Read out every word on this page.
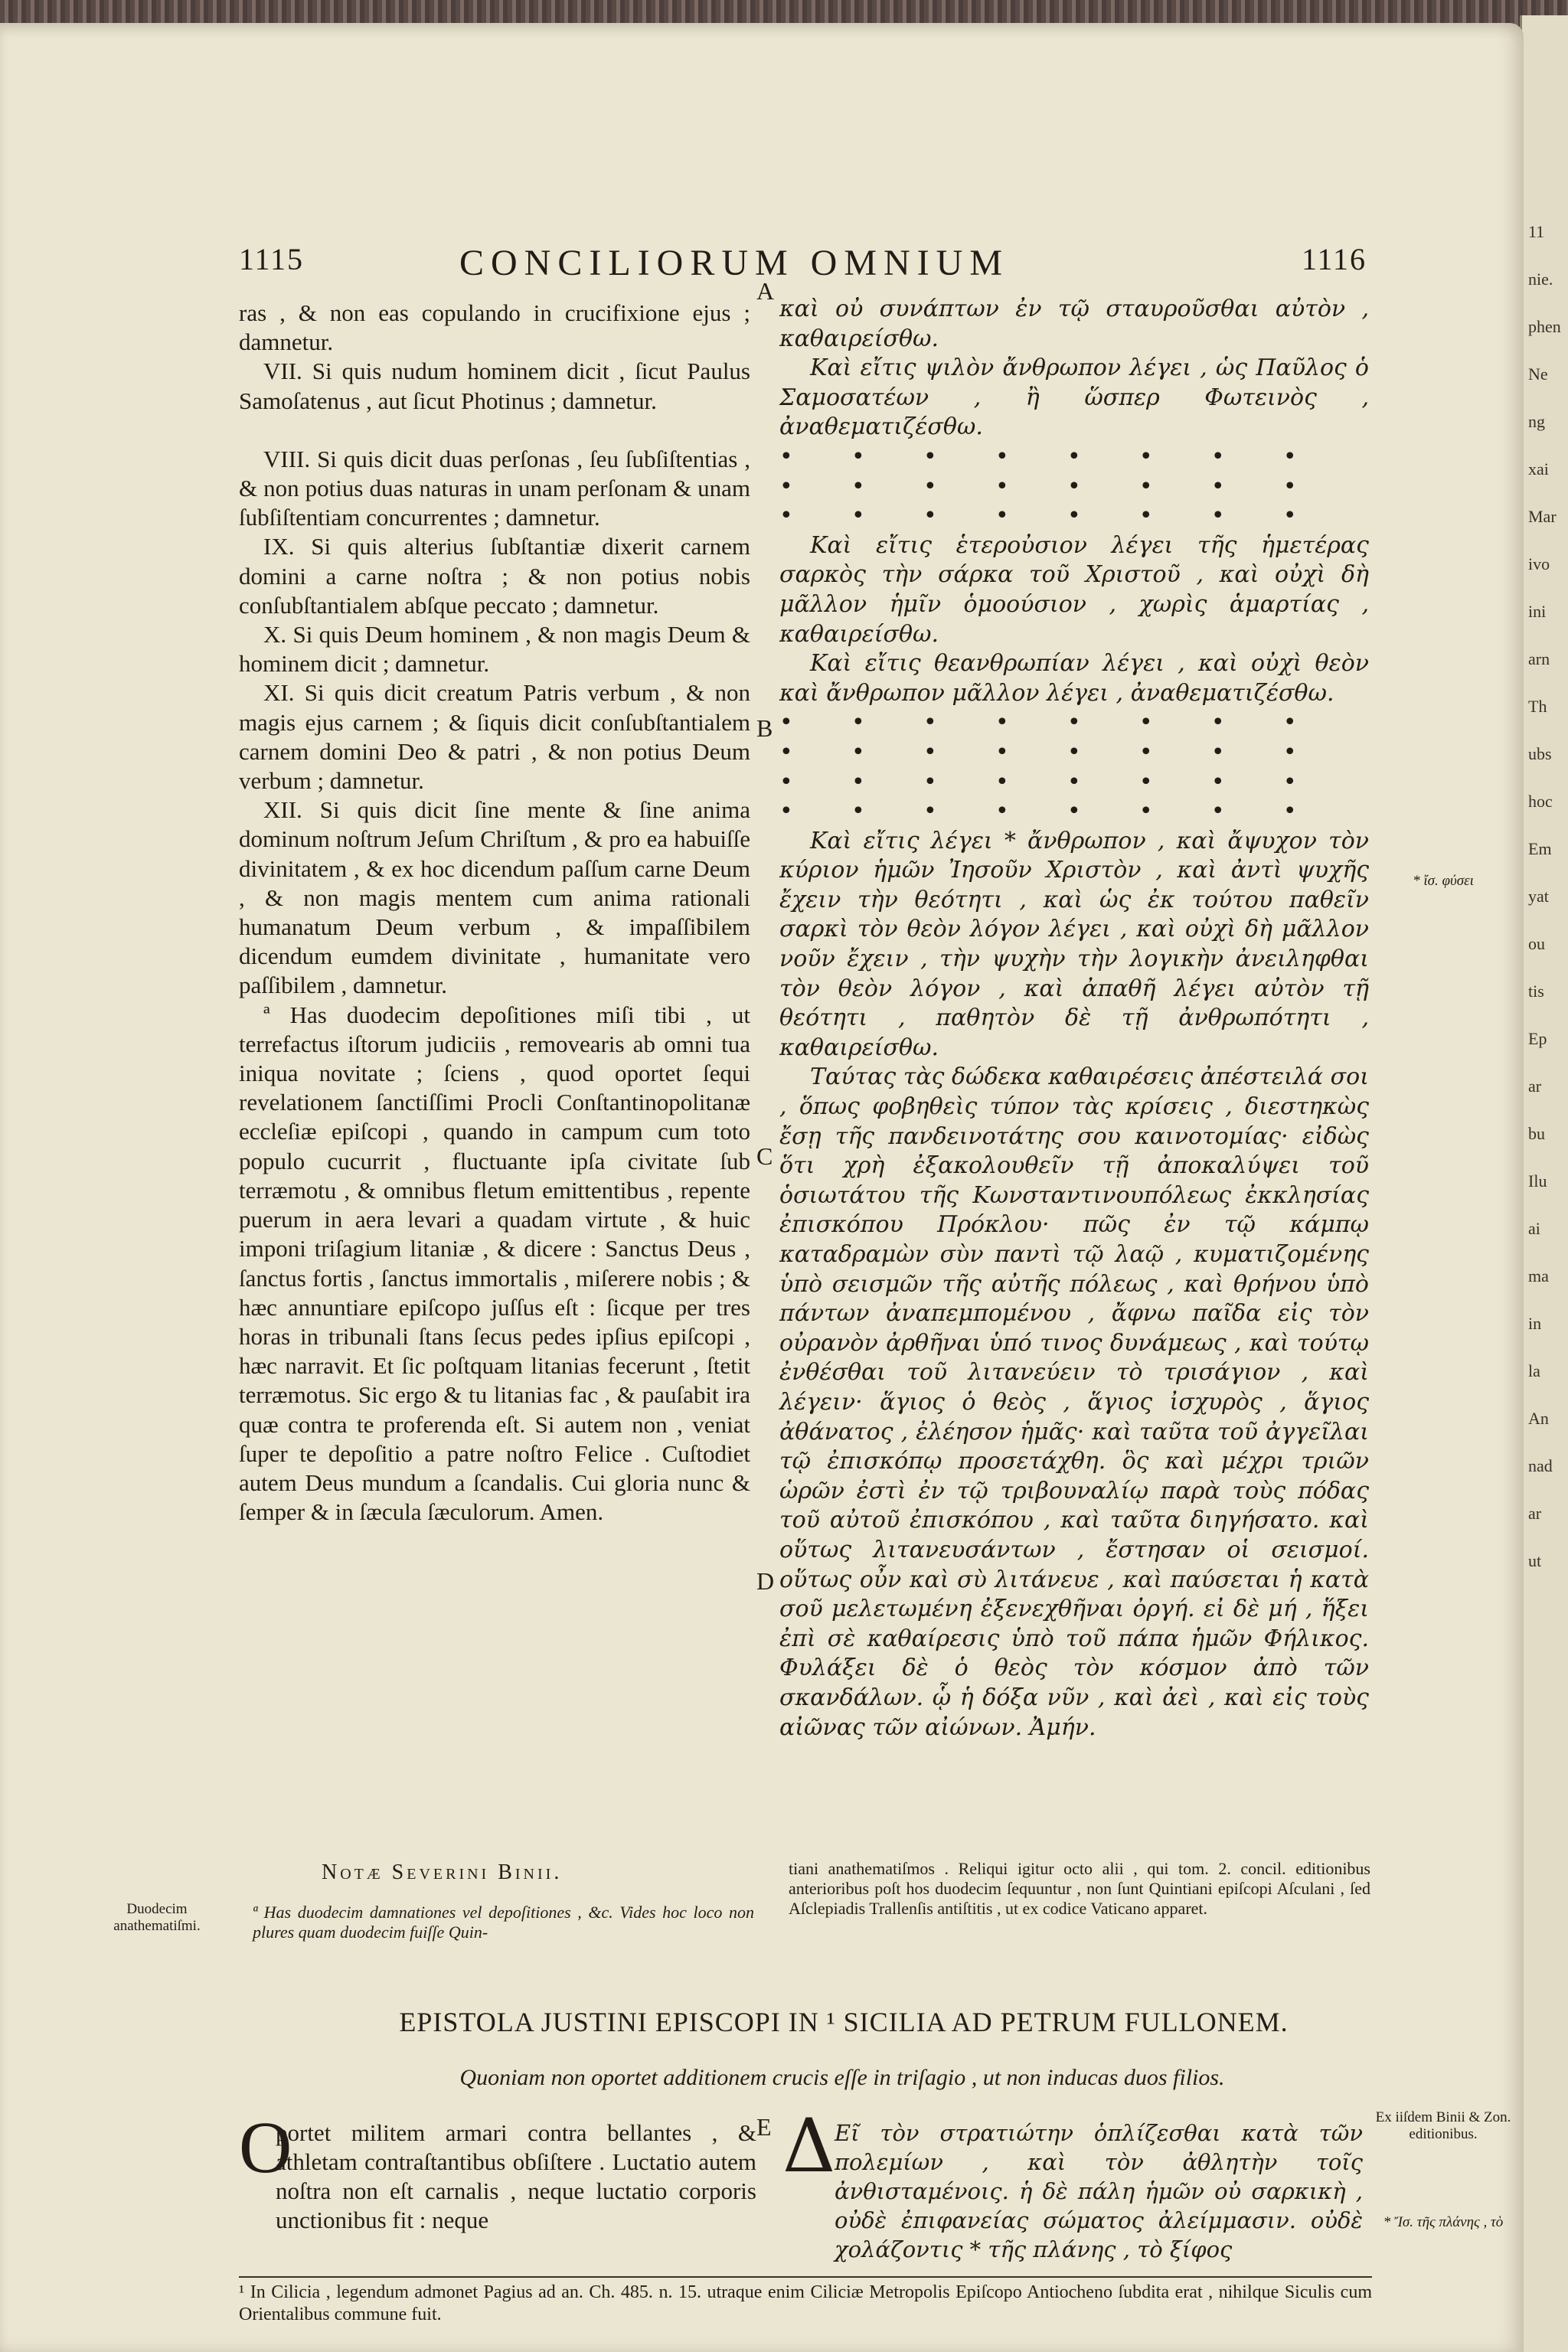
11
nie.
phen
Ne
ng
xai
Mar
ivo
ini
arn
Th
ubs
hoc
Em
yat
ou
tis
Ep
ar
bu
Ilu
ai
ma
in
la
An
nad
ar
ut
1115	CONCILIORUM OMNIUM	1116

ras , & non eas copulando in crucifixione ejus ; damnetur.

VII. Si quis nudum hominem dicit , ſicut Paulus Samoſatenus , aut ſicut Photinus ; damnetur.

VIII. Si quis dicit duas perſonas , ſeu ſubſiſtentias , & non potius duas naturas in unam perſonam & unam ſubſiſtentiam concurrentes ; damnetur.

IX. Si quis alterius ſubſtantiæ dixerit carnem domini a carne noſtra ; & non potius nobis conſubſtantialem abſque peccato ; damnetur.

X. Si quis Deum hominem , & non magis Deum & hominem dicit ; damnetur.

XI. Si quis dicit creatum Patris verbum , & non magis ejus carnem ; & ſiquis dicit conſubſtantialem carnem domini Deo & patri , & non potius Deum verbum ; damnetur.

XII. Si quis dicit ſine mente & ſine anima dominum noſtrum Jeſum Chriſtum , & pro ea habuiſſe divinitatem , & ex hoc dicendum paſſum carne Deum , & non magis mentem cum anima rationali humanatum Deum verbum , & impaſſibilem dicendum eumdem divinitate , humanitate vero paſſibilem , damnetur.

ª Has duodecim depoſitiones miſi tibi , ut terrefactus iſtorum judiciis , removearis ab omni tua iniqua novitate ; ſciens , quod oportet ſequi revelationem ſanctiſſimi Procli Conſtantinopolitanæ eccleſiæ epiſcopi , quando in campum cum toto populo cucurrit , fluctuante ipſa civitate ſub terræmotu , & omnibus fletum emittentibus , repente puerum in aera levari a quadam virtute , & huic imponi triſagium litaniæ , & dicere : Sanctus Deus , ſanctus fortis , ſanctus immortalis , miſerere nobis ; & hæc annuntiare epiſcopo juſſus eſt : ſicque per tres horas in tribunali ſtans ſecus pedes ipſius epiſcopi , hæc narravit. Et ſic poſtquam litanias fecerunt , ſtetit terræmotus. Sic ergo & tu litanias fac , & pauſabit ira quæ contra te proferenda eſt. Si autem non , veniat ſuper te depoſitio a patre noſtro Felice . Cuſtodiet autem Deus mundum a ſcandalis. Cui gloria nunc & ſemper & in ſæcula ſæculorum. Amen.

καὶ οὐ συνάπτων ἐν τῷ σταυροῦσθαι αὐτὸν , καθαιρείσθω.

Καὶ εἴτις ψιλὸν ἄνθρωπον λέγει , ὡς Παῦλος ὁ Σαμοσατέων , ἢ ὥσπερ Φωτεινὸς , ἀναθεματιζέσθω.

•        •        •        •        •        •        •        •
•        •        •        •        •        •        •        •
•        •        •        •        •        •        •        •

Καὶ εἴτις ἑτεροὐσιον λέγει τῆς ἡμετέρας σαρκὸς τὴν σάρκα τοῦ Χριστοῦ , καὶ οὐχὶ δὴ μᾶλλον ἡμῖν ὁμοούσιον , χωρὶς ἁμαρτίας , καθαιρείσθω.

Καὶ εἴτις θεανθρωπίαν λέγει , καὶ οὐχὶ θεὸν καὶ ἄνθρωπον μᾶλλον λέγει , ἀναθεματιζέσθω.

•        •        •        •        •        •        •        •
•        •        •        •        •        •        •        •
•        •        •        •        •        •        •        •
•        •        •        •        •        •        •        •

Καὶ εἴτις λέγει * ἄνθρωπον , καὶ ἄψυχον τὸν κύριον ἡμῶν Ἰησοῦν Χριστὸν , καὶ ἀντὶ ψυχῆς ἔχειν τὴν θεότητι , καὶ ὡς ἐκ τούτου παθεῖν σαρκὶ τὸν θεὸν λόγον λέγει , καὶ οὐχὶ δὴ μᾶλλον νοῦν ἔχειν , τὴν ψυχὴν τὴν λογικὴν ἀνειληφθαι τὸν θεὸν λόγον , καὶ ἀπαθῆ λέγει αὐτὸν τῇ θεότητι , παθητὸν δὲ τῇ ἀνθρωπότητι , καθαιρείσθω.

Ταύτας τὰς δώδεκα καθαιρέσεις ἀπέστειλά σοι , ὅπως φοβηθεὶς τύπον τὰς κρίσεις , διεστηκὼς ἔσῃ τῆς πανδεινοτάτης σου καινοτομίας· εἰδὼς ὅτι χρὴ ἐξακολουθεῖν τῇ ἀποκαλύψει τοῦ ὁσιωτάτου τῆς Κωνσταντινουπόλεως ἐκκλησίας ἐπισκόπου Πρόκλου· πῶς ἐν τῷ κάμπῳ καταδραμὼν σὺν παντὶ τῷ λαῷ , κυματιζομένης ὑπὸ σεισμῶν τῆς αὐτῆς πόλεως , καὶ θρήνου ὑπὸ πάντων ἀναπεμπομένου , ἄφνω παῖδα εἰς τὸν οὐρανὸν ἀρθῆναι ὑπό τινος δυνάμεως , καὶ τούτῳ ἐνθέσθαι τοῦ λιτανεύειν τὸ τρισάγιον , καὶ λέγειν· ἅγιος ὁ θεὸς , ἅγιος ἰσχυρὸς , ἅγιος ἀθάνατος , ἐλέησον ἡμᾶς· καὶ ταῦτα τοῦ ἀγγεῖλαι τῷ ἐπισκόπῳ προσετάχθη. ὃς καὶ μέχρι τριῶν ὡρῶν ἐστὶ ἐν τῷ τριβουναλίῳ παρὰ τοὺς πόδας τοῦ αὐτοῦ ἐπισκόπου , καὶ ταῦτα διηγήσατο. καὶ οὕτως λιτανευσάντων , ἔστησαν οἱ σεισμοί. οὕτως οὖν καὶ σὺ λιτάνευε , καὶ παύσεται ἡ κατὰ σοῦ μελετωμένη ἐξενεχθῆναι ὀργή. εἰ δὲ μή , ἥξει ἐπὶ σὲ καθαίρεσις ὑπὸ τοῦ πάπα ἡμῶν Φήλικος. Φυλάξει δὲ ὁ θεὸς τὸν κόσμον ἀπὸ τῶν σκανδάλων. ᾧ ἡ δόξα νῦν , καὶ ἀεὶ , καὶ εἰς τοὺς αἰῶνας τῶν αἰώνων. Ἀμήν.

A
B
C
D
E
* ἴσ. φύσει
Duodecim anathematiſmi.
Ex iiſdem Binii & Zon. editionibus.
* Ἴσ. τῆς πλάνης , τὸ
Notæ Severini Binii.
ª Has duodecim damnationes vel depoſitiones , &c. Vides hoc loco non plures quam duodecim fuiſſe Quin-
tiani anathematiſmos . Reliqui igitur octo alii , qui tom. 2. concil. editionibus anterioribus poſt hos duodecim ſequuntur , non ſunt Quintiani epiſcopi Aſculani , ſed Aſclepiadis Trallenſis antiſtitis , ut ex codice Vaticano apparet.
EPISTOLA JUSTINI EPISCOPI IN ¹ SICILIA AD PETRUM FULLONEM.
Quoniam non oportet additionem crucis eſſe in triſagio , ut non inducas duos filios.
O
portet militem armari contra bellantes , & athletam contraſtantibus obſiſtere . Luctatio autem noſtra non eſt carnalis , neque luctatio corporis unctionibus fit : neque
Δ
Εῖ τὸν στρατιώτην ὁπλίζεσθαι κατὰ τῶν πολεμίων , καὶ τὸν ἀθλητὴν τοῖς ἀνθισταμένοις. ἡ δὲ πάλη ἡμῶν οὐ σαρκικὴ , οὐδὲ ἐπιφανείας σώματος ἀλείμμασιν. οὐδὲ χολάζοντις * τῆς πλάνης , τὸ ξίφος
¹ In Cilicia , legendum admonet Pagius ad an. Ch. 485. n. 15. utraque enim Ciliciæ Metropolis Epiſcopo Antiocheno ſubdita erat , nihilque Siculis cum Orientalibus commune fuit.
